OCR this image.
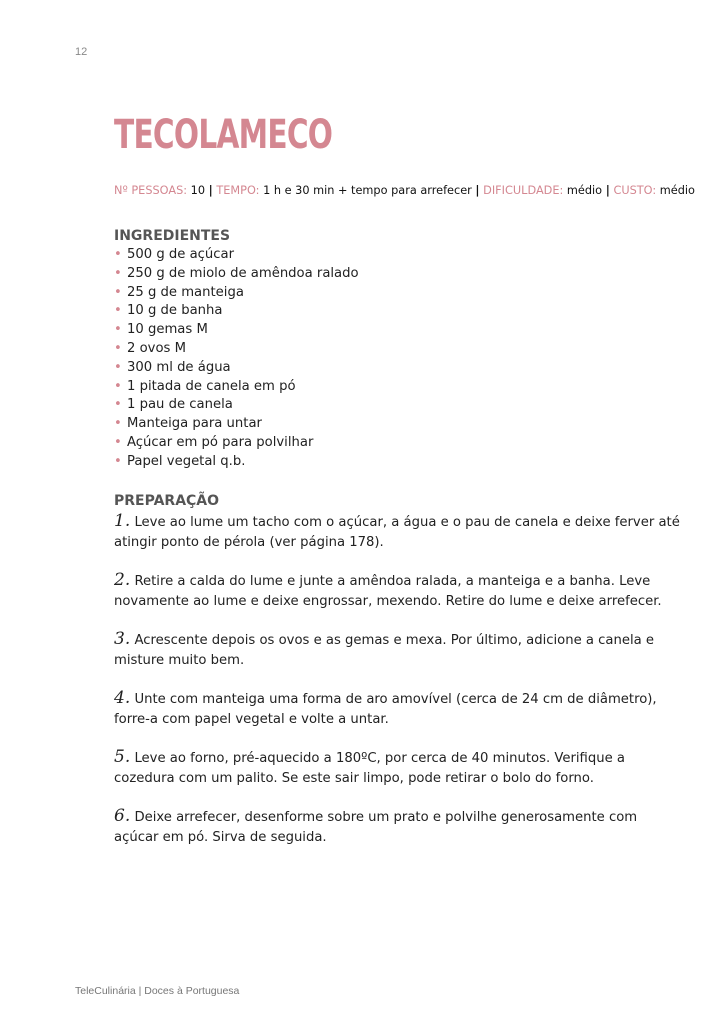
12
TECOLAMECO
Nº PESSOAS: 10 | TEMPO: 1 h e 30 min + tempo para arrefecer | DIFICULDADE: médio | CUSTO: médio
INGREDIENTES
• 500 g de açúcar
• 250 g de miolo de amêndoa ralado
• 25 g de manteiga
• 10 g de banha
• 10 gemas M
• 2 ovos M
• 300 ml de água
• 1 pitada de canela em pó
• 1 pau de canela
• Manteiga para untar
• Açúcar em pó para polvilhar
• Papel vegetal q.b.
PREPARAÇÃO

1. Leve ao lume um tacho com o açúcar, a água e o pau de canela e deixe ferver até atingir ponto de pérola (ver página 178).

2. Retire a calda do lume e junte a amêndoa ralada, a manteiga e a banha. Leve novamente ao lume e deixe engrossar, mexendo. Retire do lume e deixe arrefecer.

3. Acrescente depois os ovos e as gemas e mexa. Por último, adicione a canela e misture muito bem.

4. Unte com manteiga uma forma de aro amovível (cerca de 24 cm de diâmetro), forre-a com papel vegetal e volte a untar.

5. Leve ao forno, pré-aquecido a 180ºC, por cerca de 40 minutos. Verifique a cozedura com um palito. Se este sair limpo, pode retirar o bolo do forno.

6. Deixe arrefecer, desenforme sobre um prato e polvilhe generosamente com açúcar em pó. Sirva de seguida.

TeleCulinária | Doces à Portuguesa
